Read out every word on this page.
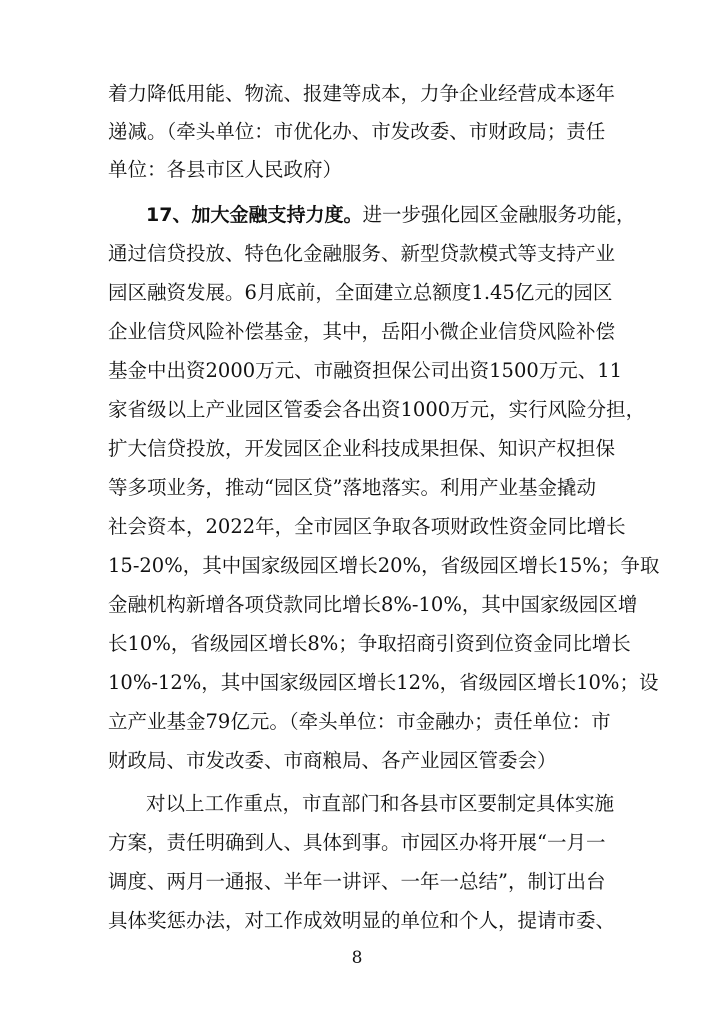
着力降低用能、物流、报建等成本，力争企业经营成本逐年
递减。（牵头单位：市优化办、市发改委、市财政局；责任
单位：各县市区人民政府）
17、加大金融支持力度。进一步强化园区金融服务功能，
通过信贷投放、特色化金融服务、新型贷款模式等支持产业
园区融资发展。6月底前，全面建立总额度1.45亿元的园区
企业信贷风险补偿基金，其中，岳阳小微企业信贷风险补偿
基金中出资2000万元、市融资担保公司出资1500万元、11
家省级以上产业园区管委会各出资1000万元，实行风险分担，
扩大信贷投放，开发园区企业科技成果担保、知识产权担保
等多项业务，推动“园区贷”落地落实。利用产业基金撬动
社会资本，2022年，全市园区争取各项财政性资金同比增长
15-20%，其中国家级园区增长20%，省级园区增长15%；争取
金融机构新增各项贷款同比增长8%-10%，其中国家级园区增
长10%，省级园区增长8%；争取招商引资到位资金同比增长
10%-12%，其中国家级园区增长12%，省级园区增长10%；设
立产业基金79亿元。（牵头单位：市金融办；责任单位：市
财政局、市发改委、市商粮局、各产业园区管委会）
对以上工作重点，市直部门和各县市区要制定具体实施
方案，责任明确到人、具体到事。市园区办将开展“一月一
调度、两月一通报、半年一讲评、一年一总结”，制订出台
具体奖惩办法，对工作成效明显的单位和个人，提请市委、
8
